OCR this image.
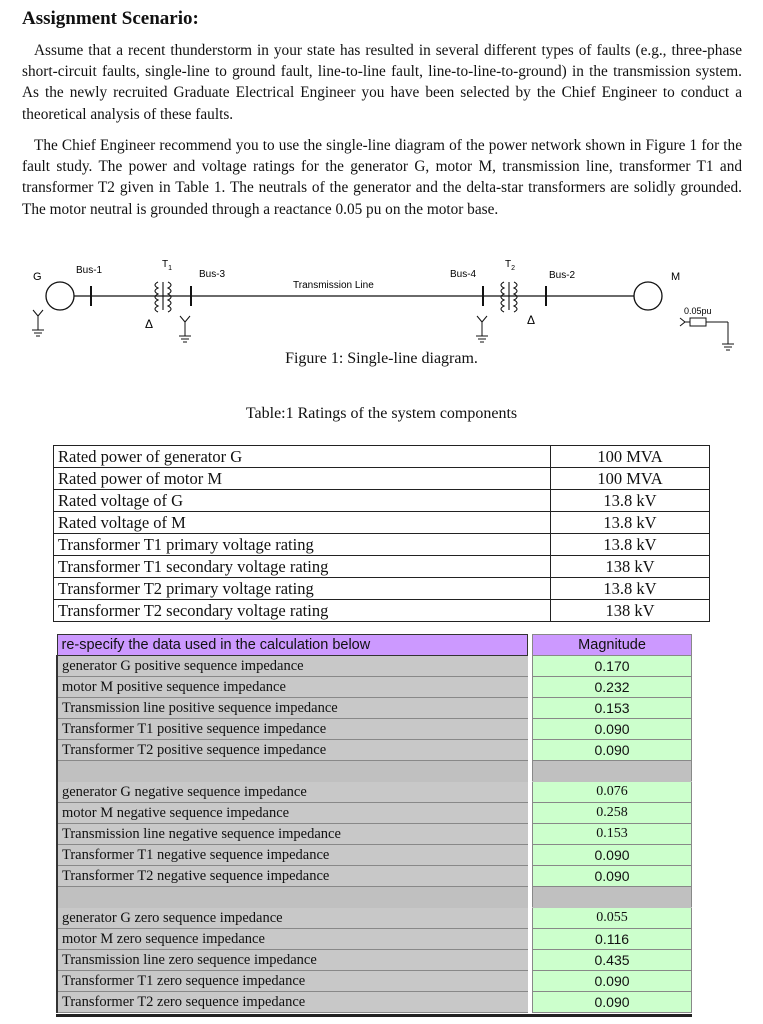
Assignment Scenario:

Assume that a recent thunderstorm in your state has resulted in several different types of faults (e.g., three-phase short-circuit faults, single-line to ground fault, line-to-line fault, line-to-line-to-ground) in the transmission system. As the newly recruited Graduate Electrical Engineer you have been selected by the Chief Engineer to conduct a theoretical analysis of these faults.

The Chief Engineer recommend you to use the single-line diagram of the power network shown in Figure 1 for the fault study. The power and voltage ratings for the generator G, motor M, transmission line, transformer T1 and transformer T2 given in Table 1. The neutrals of the generator and the delta-star transformers are solidly grounded. The motor neutral is grounded through a reactance 0.05 pu on the motor base.

G
Bus-1
$T_1$
Δ
Bus-3
Transmission Line
Bus-4
$T_2$
Δ
Bus-2	M
0.05pu
Figure 1: Single-line diagram.
Table:1 Ratings of the system components
Rated power of generator G	100 MVA
Rated power of motor M	100 MVA
Rated voltage of G	13.8 kV
Rated voltage of M	13.8 kV
Transformer T1 primary voltage rating	13.8 kV
Transformer T1 secondary voltage rating	138 kV
Transformer T2 primary voltage rating	13.8 kV
Transformer T2 secondary voltage rating	138 kV
re-specify the data used in the calculation below		Magnitude
generator G positive sequence impedance		0.170
motor M positive sequence impedance		0.232
Transmission line positive sequence impedance		0.153
Transformer T1 positive sequence impedance		0.090
Transformer T2 positive sequence impedance		0.090

generator G negative sequence impedance		0.076
motor M negative sequence impedance		0.258
Transmission line negative sequence impedance		0.153
Transformer T1 negative sequence impedance		0.090
Transformer T2 negative sequence impedance		0.090

generator G zero sequence impedance		0.055
motor M zero sequence impedance		0.116
Transmission line zero sequence impedance		0.435
Transformer T1 zero sequence impedance		0.090
Transformer T2 zero sequence impedance		0.090
